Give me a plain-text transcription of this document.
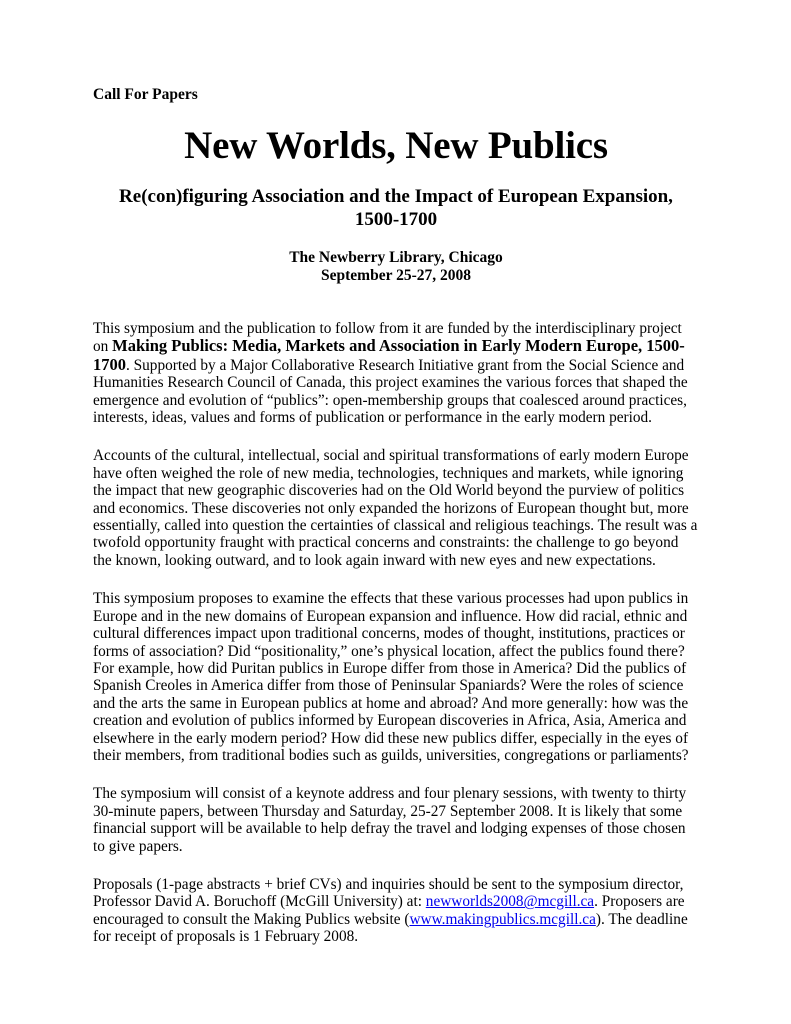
Call For Papers

New Worlds, New Publics
Re(con)figuring Association and the Impact of European Expansion,
1500-1700
The Newberry Library, Chicago
September 25-27, 2008

This symposium and the publication to follow from it are funded by the interdisciplinary project on Making Publics: Media, Markets and Association in Early Modern Europe, 1500-1700. Supported by a Major Collaborative Research Initiative grant from the Social Science and Humanities Research Council of Canada, this project examines the various forces that shaped the emergence and evolution of “publics”: open-membership groups that coalesced around practices, interests, ideas, values and forms of publication or performance in the early modern period.

Accounts of the cultural, intellectual, social and spiritual transformations of early modern Europe have often weighed the role of new media, technologies, techniques and markets, while ignoring the impact that new geographic discoveries had on the Old World beyond the purview of politics and economics. These discoveries not only expanded the horizons of European thought but, more essentially, called into question the certainties of classical and religious teachings. The result was a twofold opportunity fraught with practical concerns and constraints: the challenge to go beyond the known, looking outward, and to look again inward with new eyes and new expectations.

This symposium proposes to examine the effects that these various processes had upon publics in Europe and in the new domains of European expansion and influence. How did racial, ethnic and cultural differences impact upon traditional concerns, modes of thought, institutions, practices or forms of association? Did “positionality,” one’s physical location, affect the publics found there? For example, how did Puritan publics in Europe differ from those in America? Did the publics of Spanish Creoles in America differ from those of Peninsular Spaniards? Were the roles of science and the arts the same in European publics at home and abroad? And more generally: how was the creation and evolution of publics informed by European discoveries in Africa, Asia, America and elsewhere in the early modern period? How did these new publics differ, especially in the eyes of their members, from traditional bodies such as guilds, universities, congregations or parliaments?

The symposium will consist of a keynote address and four plenary sessions, with twenty to thirty 30-minute papers, between Thursday and Saturday, 25-27 September 2008. It is likely that some financial support will be available to help defray the travel and lodging expenses of those chosen to give papers.

Proposals (1-page abstracts + brief CVs) and inquiries should be sent to the symposium director, Professor David A. Boruchoff (McGill University) at: newworlds2008@mcgill.ca. Proposers are encouraged to consult the Making Publics website (www.makingpublics.mcgill.ca). The deadline for receipt of proposals is 1 February 2008.
